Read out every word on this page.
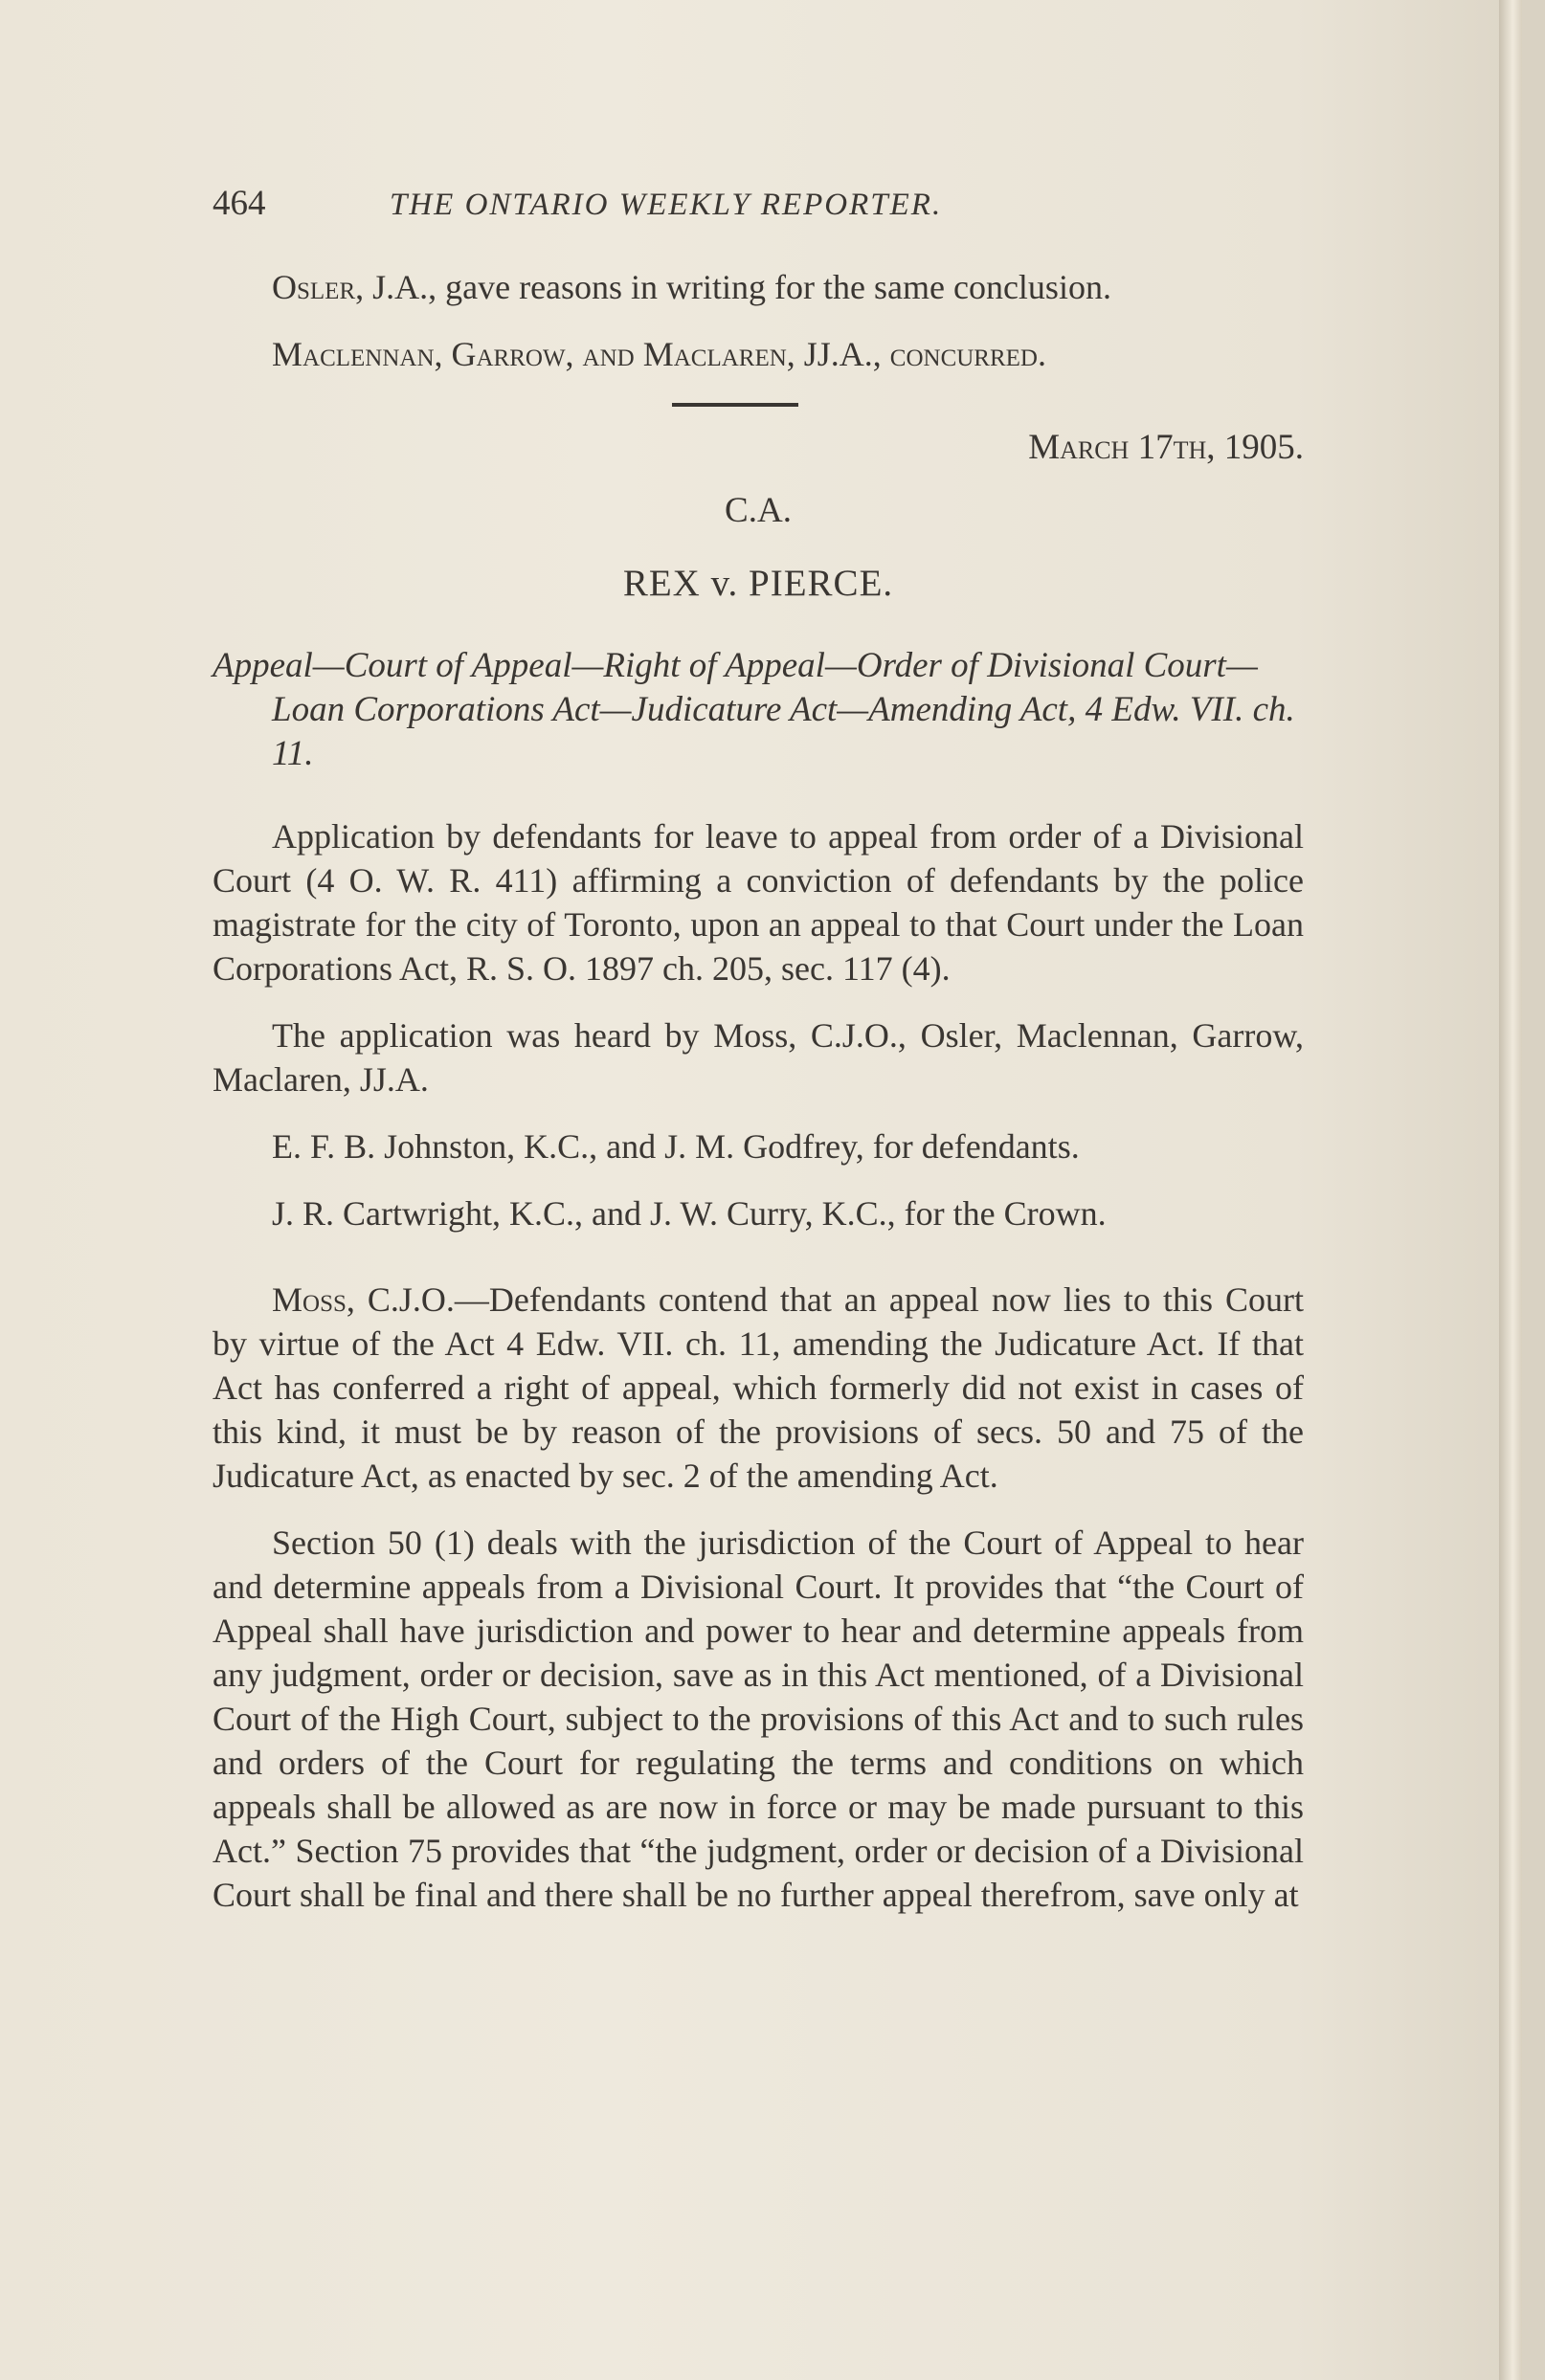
464	THE ONTARIO WEEKLY REPORTER.

Osler, J.A., gave reasons in writing for the same conclusion.

Maclennan, Garrow, and Maclaren, JJ.A., concurred.

March 17th, 1905.
C.A.
REX v. PIERCE.
Appeal—Court of Appeal—Right of Appeal—Order of Divisional Court—Loan Corporations Act—Judicature Act—Amending Act, 4 Edw. VII. ch. 11.

Application by defendants for leave to appeal from order of a Divisional Court (4 O. W. R. 411) affirming a conviction of defendants by the police magistrate for the city of Toronto, upon an appeal to that Court under the Loan Corporations Act, R. S. O. 1897 ch. 205, sec. 117 (4).

The application was heard by Moss, C.J.O., Osler, Maclennan, Garrow, Maclaren, JJ.A.

E. F. B. Johnston, K.C., and J. M. Godfrey, for defendants.

J. R. Cartwright, K.C., and J. W. Curry, K.C., for the Crown.

Moss, C.J.O.—Defendants contend that an appeal now lies to this Court by virtue of the Act 4 Edw. VII. ch. 11, amending the Judicature Act. If that Act has conferred a right of appeal, which formerly did not exist in cases of this kind, it must be by reason of the provisions of secs. 50 and 75 of the Judicature Act, as enacted by sec. 2 of the amending Act.

Section 50 (1) deals with the jurisdiction of the Court of Appeal to hear and determine appeals from a Divisional Court. It provides that “the Court of Appeal shall have jurisdiction and power to hear and determine appeals from any judgment, order or decision, save as in this Act mentioned, of a Divisional Court of the High Court, subject to the provisions of this Act and to such rules and orders of the Court for regulating the terms and conditions on which appeals shall be allowed as are now in force or may be made pursuant to this Act.” Section 75 provides that “the judgment, order or decision of a Divisional Court shall be final and there shall be no further appeal therefrom, save only at
